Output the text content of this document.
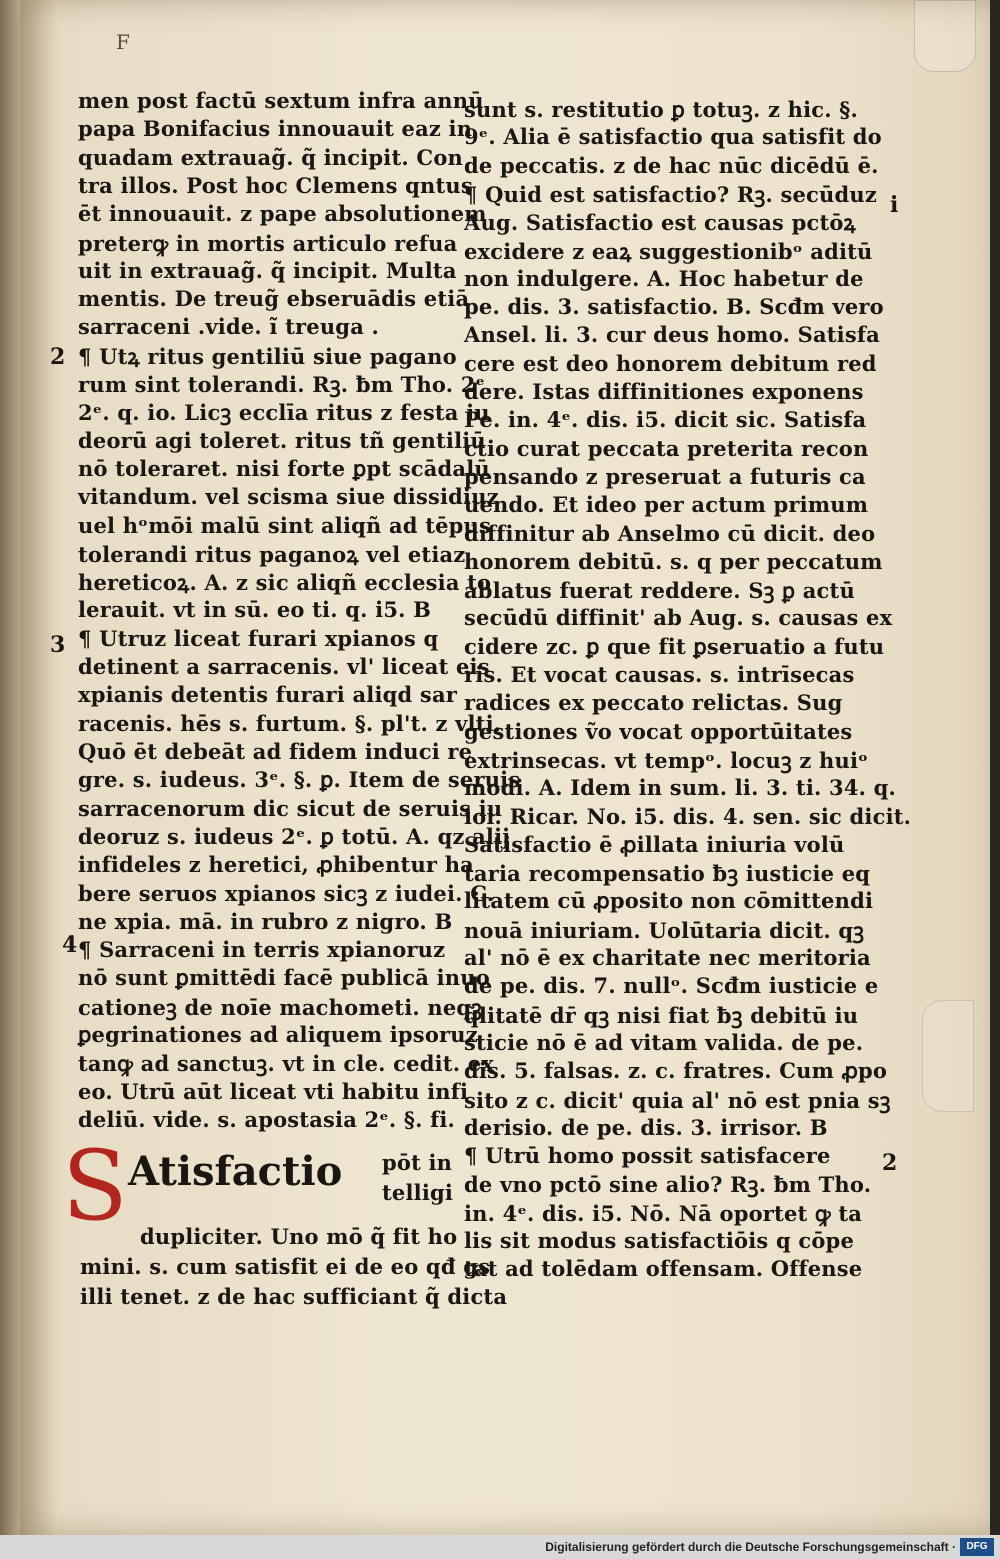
F
men post factū sextum infra annū
papa Bonifacius innouauit eaz in
quadam extrauag̃. q̃ incipit. Con
tra illos. Post hoc Clemens qntus
ēt innouauit. z pape absolutionem
preterꝙ in mortis articulo refua
uit in extrauag̃. q̃ incipit. Multa
mentis. De treug̃ ebseruādis etiā
sarraceni .vide. ĩ treuga .
¶ Utꝝ ritus gentiliū siue pagano
rum sint tolerandi. Rꝫ. ƀm Tho. 2ᵉ.
2ᵉ. q. io. Licꝫ ecclīa ritus z festa iu
deorū agi toleret. ritus tñ gentiliū
nō toleraret. nisi forte ꝑpt scādalū
vitandum. vel scisma siue dissidiuz
uel hᵒmōi malū sint aliqñ ad tēpus
tolerandi ritus paganoꝝ vel etiaz
hereticoꝝ. A. z sic aliqñ ecclesia to
lerauit. vt in sū. eo ti. q. i5. B
¶ Utruz liceat furari xpianos q
detinent a sarracenis. vl' liceat eis
xpianis detentis furari aliqd sar
racenis. hēs s. furtum. §. pl't. z vlti.
Quō ēt debeāt ad fidem induci re
gre. s. iudeus. 3ᵉ. §. ꝑ. Item de seruis
sarracenorum dic sicut de seruis iu
deoruz s. iudeus 2ᵉ. ꝑ totū. A. qz alij
infideles z heretici, ꝓhibentur ha
bere seruos xpianos sicꝫ z iudei. C.
ne xpia. mā. in rubro z nigro. B
¶ Sarraceni in terris xpianoruz
nō sunt ꝑmittēdi facē publicā inuo
cationeꝫ de noīe machometi. neqꝫ
ꝑegrinationes ad aliquem ipsoruz
tanꝙ ad sanctuꝫ. vt in cle. cedit. ex
eo. Utrū aūt liceat vti habitu infi
deliū. vide. s. apostasia 2ᵉ. §. fi.
sunt s. restitutio ꝑ totuꝫ. z hic. §.
9ᵉ. Alia ē satisfactio qua satisfit do
de peccatis. z de hac nūc dicēdū ē.
¶ Quid est satisfactio? Rꝫ. secūduz
Aug. Satisfactio est causas pctōꝝ
excidere z eaꝝ suggestionibᵒ aditū
non indulgere. A. Hoc habetur de
pe. dis. 3. satisfactio. B. Scđm vero
Ansel. li. 3. cur deus homo. Satisfa
cere est deo honorem debitum red
dere. Istas diffinitiones exponens
Pe. in. 4ᵉ. dis. i5. dicit sic. Satisfa
ctio curat peccata preterita recon
pensando z preseruat a futuris ca
uendo. Et ideo per actum primum
diffinitur ab Anselmo cū dicit. deo
honorem debitū. s. q per peccatum
ablatus fuerat reddere. Sꝫ ꝑ actū
secūdū diffinit' ab Aug. s. causas ex
cidere zc. ꝑ que fit ꝑseruatio a futu
ris. Et vocat causas. s. intrīsecas
radices ex peccato relictas. Sug
gestiones ṽo vocat opportūitates
extrinsecas. vt tempᵒ. locuꝫ z huiᵒ
modi. A. Idem in sum. li. 3. ti. 34. q.
ioi. Ricar. No. i5. dis. 4. sen. sic dicit.
Satisfactio ē ꝓillata iniuria volū
taria recompensatio ƀꝫ iusticie eq
litatem cū ꝓposito non cōmittendi
nouā iniuriam. Uolūtaria dicit. qꝫ
al' nō ē ex charitate nec meritoria
de pe. dis. 7. nullᵒ. Scđm iusticie e
q̃litatē dr̄ qꝫ nisi fiat ƀꝫ debitū iu
sticie nō ē ad vitam valida. de pe.
dis. 5. falsas. z. c. fratres. Cum ꝓpo
sito z c. dicit' quia al' nō est pnia sꝫ
derisio. de pe. dis. 3. irrisor. B
¶ Utrū homo possit satisfacere
de vno pctō sine alio? Rꝫ. ƀm Tho.
in. 4ᵉ. dis. i5. Nō. Nā oportet ꝙ ta
lis sit modus satisfactiōis q cōpe
tat ad tolēdam offensam. Offense
2
3
4
i
2
S Atisfactio pōt in
telligi
dupliciter. Uno mō q̃ fit ho
mini. s. cum satisfit ei de eo qđ gs
illi tenet. z de hac sufficiant q̃ dicta
Digitalisierung gefördert durch die Deutsche Forschungsgemeinschaft ·	DFG
